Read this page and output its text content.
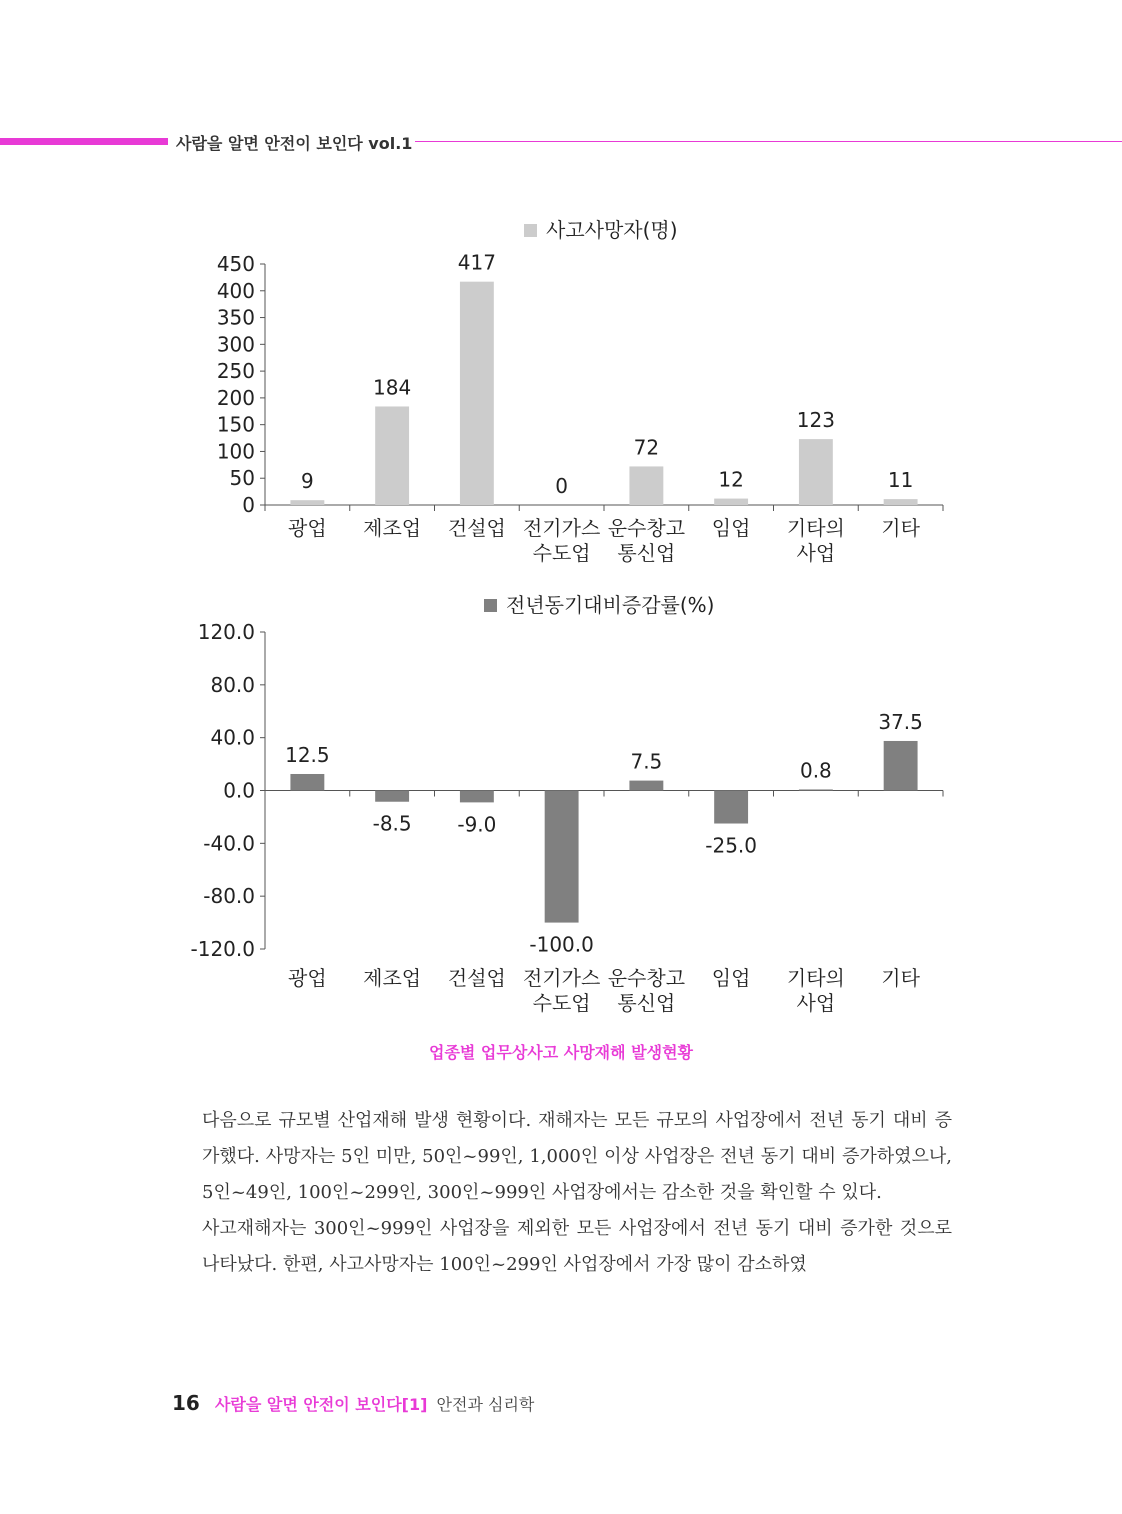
사람을 알면 안전이 보인다 vol.1
사고사망자(명)
450
400
350
300
250
200
150
100
50
0
9
광업
184
제조업
417
건설업
0
전기가스
수도업
72
운수창고
통신업
12
임업
123
기타의
사업
11
기타
전년동기대비증감률(%)
120.0
80.0
40.0
0.0
-40.0
-80.0
-120.0
12.5
광업
-8.5
제조업
-9.0
건설업
-100.0
전기가스
수도업
7.5
운수창고
통신업
-25.0
임업
0.8
기타의
사업
37.5
기타
업종별 업무상사고 사망재해 발생현황

다음으로 규모별 산업재해 발생 현황이다. 재해자는 모든 규모의 사업장에서 전년 동기 대비 증가했다. 사망자는 5인 미만, 50인~99인, 1,000인 이상 사업장은 전년 동기 대비 증가하였으나, 5인~49인, 100인~299인, 300인~999인 사업장에서는 감소한 것을 확인할 수 있다.

사고재해자는 300인~999인 사업장을 제외한 모든 사업장에서 전년 동기 대비 증가한 것으로 나타났다. 한편, 사고사망자는 100인~299인 사업장에서 가장 많이 감소하였

16 사람을 알면 안전이 보인다[1] 안전과 심리학
